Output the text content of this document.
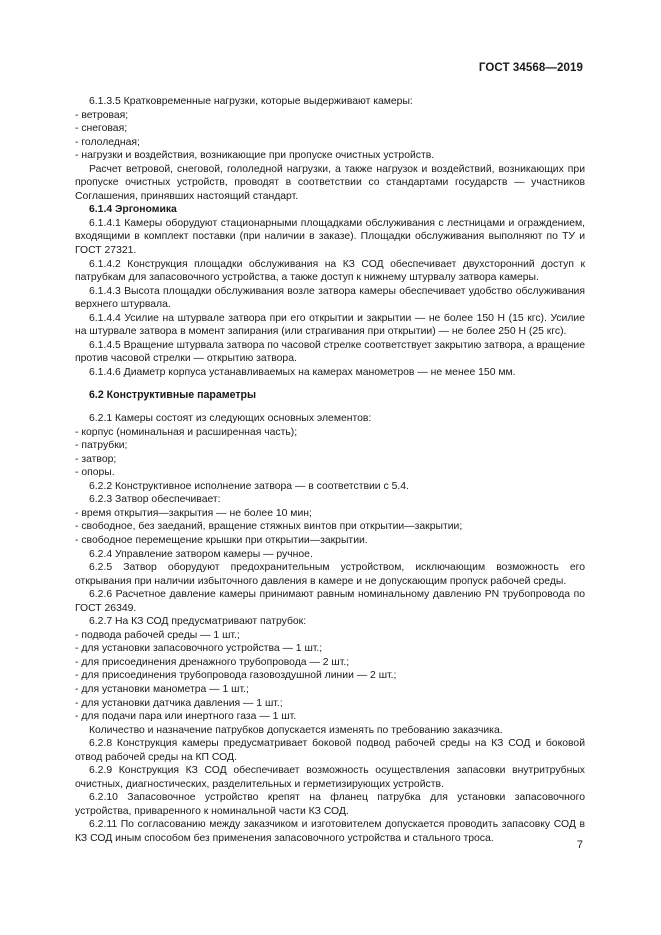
ГОСТ 34568—2019

6.1.3.5 Кратковременные нагрузки, которые выдерживают камеры:

- ветровая;

- снеговая;

- гололедная;

- нагрузки и воздействия, возникающие при пропуске очистных устройств.

Расчет ветровой, снеговой, гололедной нагрузки, а также нагрузок и воздействий, возникающих при пропуске очистных устройств, проводят в соответствии со стандартами государств — участников Соглашения, принявших настоящий стандарт.

6.1.4 Эргономика

6.1.4.1 Камеры оборудуют стационарными площадками обслуживания с лестницами и ограждением, входящими в комплект поставки (при наличии в заказе). Площадки обслуживания выполняют по ТУ и ГОСТ 27321.

6.1.4.2 Конструкция площадки обслуживания на КЗ СОД обеспечивает двухсторонний доступ к патрубкам для запасовочного устройства, а также доступ к нижнему штурвалу затвора камеры.

6.1.4.3 Высота площадки обслуживания возле затвора камеры обеспечивает удобство обслуживания верхнего штурвала.

6.1.4.4 Усилие на штурвале затвора при его открытии и закрытии — не более 150 Н (15 кгс). Усилие на штурвале затвора в момент запирания (или страгивания при открытии) — не более 250 Н (25 кгс).

6.1.4.5 Вращение штурвала затвора по часовой стрелке соответствует закрытию затвора, а вращение против часовой стрелки — открытию затвора.

6.1.4.6 Диаметр корпуса устанавливаемых на камерах манометров — не менее 150 мм.

6.2 Конструктивные параметры

6.2.1 Камеры состоят из следующих основных элементов:

- корпус (номинальная и расширенная часть);

- патрубки;

- затвор;

- опоры.

6.2.2 Конструктивное исполнение затвора — в соответствии с 5.4.

6.2.3 Затвор обеспечивает:

- время открытия—закрытия — не более 10 мин;

- свободное, без заеданий, вращение стяжных винтов при открытии—закрытии;

- свободное перемещение крышки при открытии—закрытии.

6.2.4 Управление затвором камеры — ручное.

6.2.5 Затвор оборудуют предохранительным устройством, исключающим возможность его открывания при наличии избыточного давления в камере и не допускающим пропуск рабочей среды.

6.2.6 Расчетное давление камеры принимают равным номинальному давлению PN трубопровода по ГОСТ 26349.

6.2.7 На КЗ СОД предусматривают патрубок:

- подвода рабочей среды — 1 шт.;

- для установки запасовочного устройства — 1 шт.;

- для присоединения дренажного трубопровода — 2 шт.;

- для присоединения трубопровода газовоздушной линии — 2 шт.;

- для установки манометра — 1 шт.;

- для установки датчика давления — 1 шт.;

- для подачи пара или инертного газа — 1 шт.

Количество и назначение патрубков допускается изменять по требованию заказчика.

6.2.8 Конструкция камеры предусматривает боковой подвод рабочей среды на КЗ СОД и боковой отвод рабочей среды на КП СОД.

6.2.9 Конструкция КЗ СОД обеспечивает возможность осуществления запасовки внутритрубных очистных, диагностических, разделительных и герметизирующих устройств.

6.2.10 Запасовочное устройство крепят на фланец патрубка для установки запасовочного устройства, приваренного к номинальной части КЗ СОД.

6.2.11 По согласованию между заказчиком и изготовителем допускается проводить запасовку СОД в КЗ СОД иным способом без применения запасовочного устройства и стального троса.

7
